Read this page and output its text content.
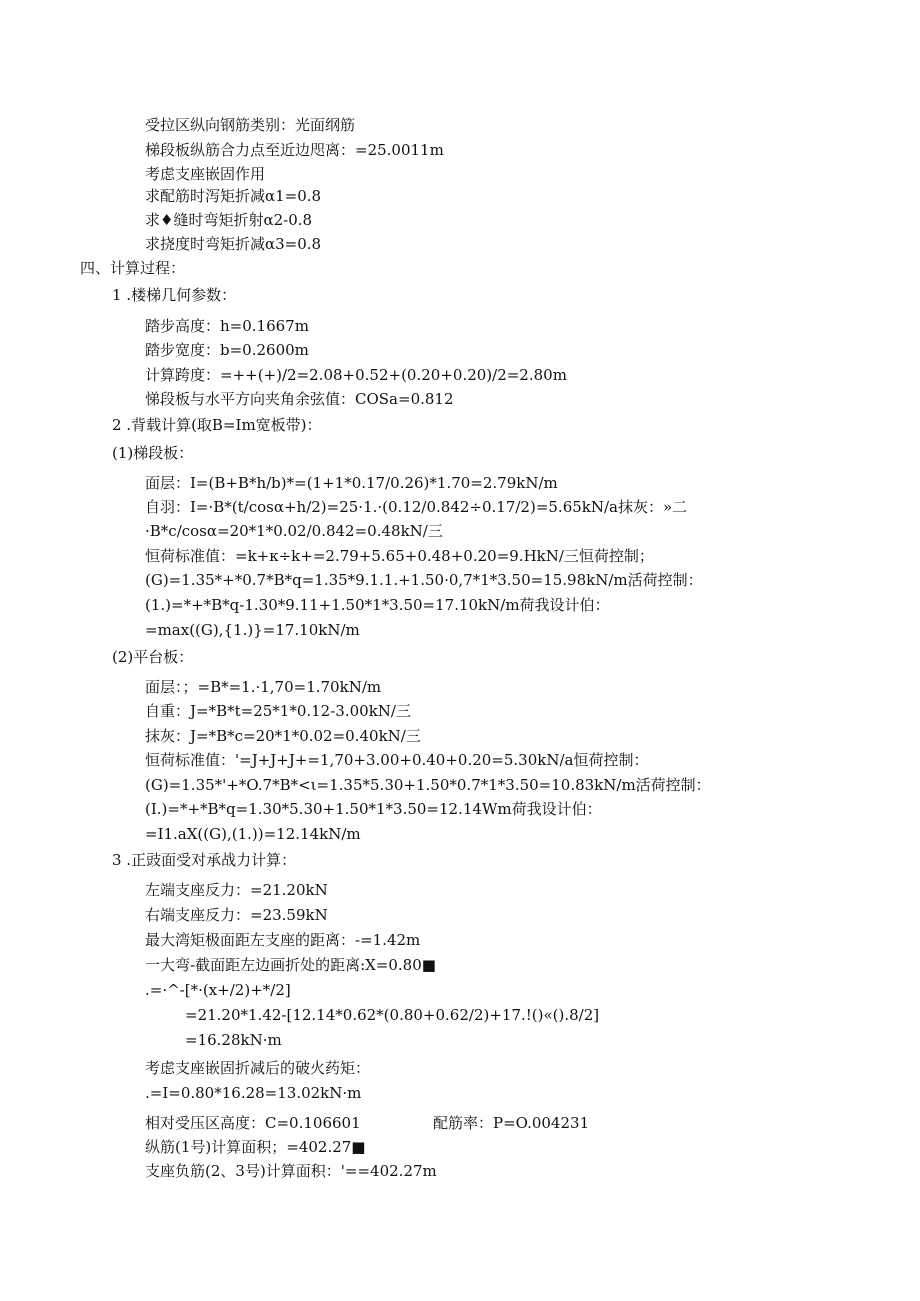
受拉区纵向钢筋类别：光面纲筋
梯段板纵筋合力点至近边咫离：=25.0011m
考虑支座嵌固作用
求配筋时泻矩折减α1=0.8
求♦缝时弯矩折射α2-0.8
求挠度时弯矩折减α3=0.8
四、计算过程：
1 .楼梯几何参数：
踏步高度：h=0.1667m
踏步宽度：b=0.2600m
计算跨度：=++(+)/2=2.08+0.52+(0.20+0.20)/2=2.80m
悌段板与水平方向夹角余弦值：COSa=0.812
2 .背载计算(取B=Im宽板带)：
(1)梯段板：
面层：I=(B+B*h/b)*=(1+1*0.17/0.26)*1.70=2.79kN/m
自羽：I=·B*(t/cosα+h/2)=25·1.·(0.12/0.842÷0.17/2)=5.65kN/a抹灰：»二
·B*c/cosα=20*1*0.02/0.842=0.48kN/三
恒荷标准值：=k+κ÷k+=2.79+5.65+0.48+0.20=9.HkN/三恒荷控制；
(G)=1.35*+*0.7*B*q=1.35*9.1.1.+1.50·0,7*1*3.50=15.98kN/m活荷控制：
(1.)=*+*B*q-1.30*9.11+1.50*1*3.50=17.10kN/m荷我设计伯：
=max((G),{1.)}=17.10kN/m
(2)平台板：
面层：；=B*=1.·1,70=1.70kN/m
自重：J=*B*t=25*1*0.12-3.00kN/三
抹灰：J=*B*c=20*1*0.02=0.40kN/三
恒荷标准值：'=J+J+J+=1,70+3.00+0.40+0.20=5.30kN/a恒荷控制：
(G)=1.35*'+*O.7*B*<ι=1.35*5.30+1.50*0.7*1*3.50=10.83kN/m活荷控制：
(I.)=*+*B*q=1.30*5.30+1.50*1*3.50=12.14Wm荷我设计伯：
=I1.aX((G),(1.))=12.14kN/m
3 .正豉面受对承战力计算：
左端支座反力：=21.20kN
右端支座反力：=23.59kN
最大湾矩极面距左支座的距离：-=1.42m
一大弯-截面距左边画折处的距离:X=0.80■
.=·^-[*·(x+/2)+*/2]
=21.20*1.42-[12.14*0.62*(0.80+0.62/2)+17.!()«().8/2]
=16.28kN·m
考虑支座嵌固折减后的破火药矩：
.=I=0.80*16.28=13.02kN·m
相对受压区高度：C=0.106601	配筋率：P=O.004231
纵筋(1号)计算面积；=402.27■
支座负筋(2、3号)计算面积：'==402.27m
